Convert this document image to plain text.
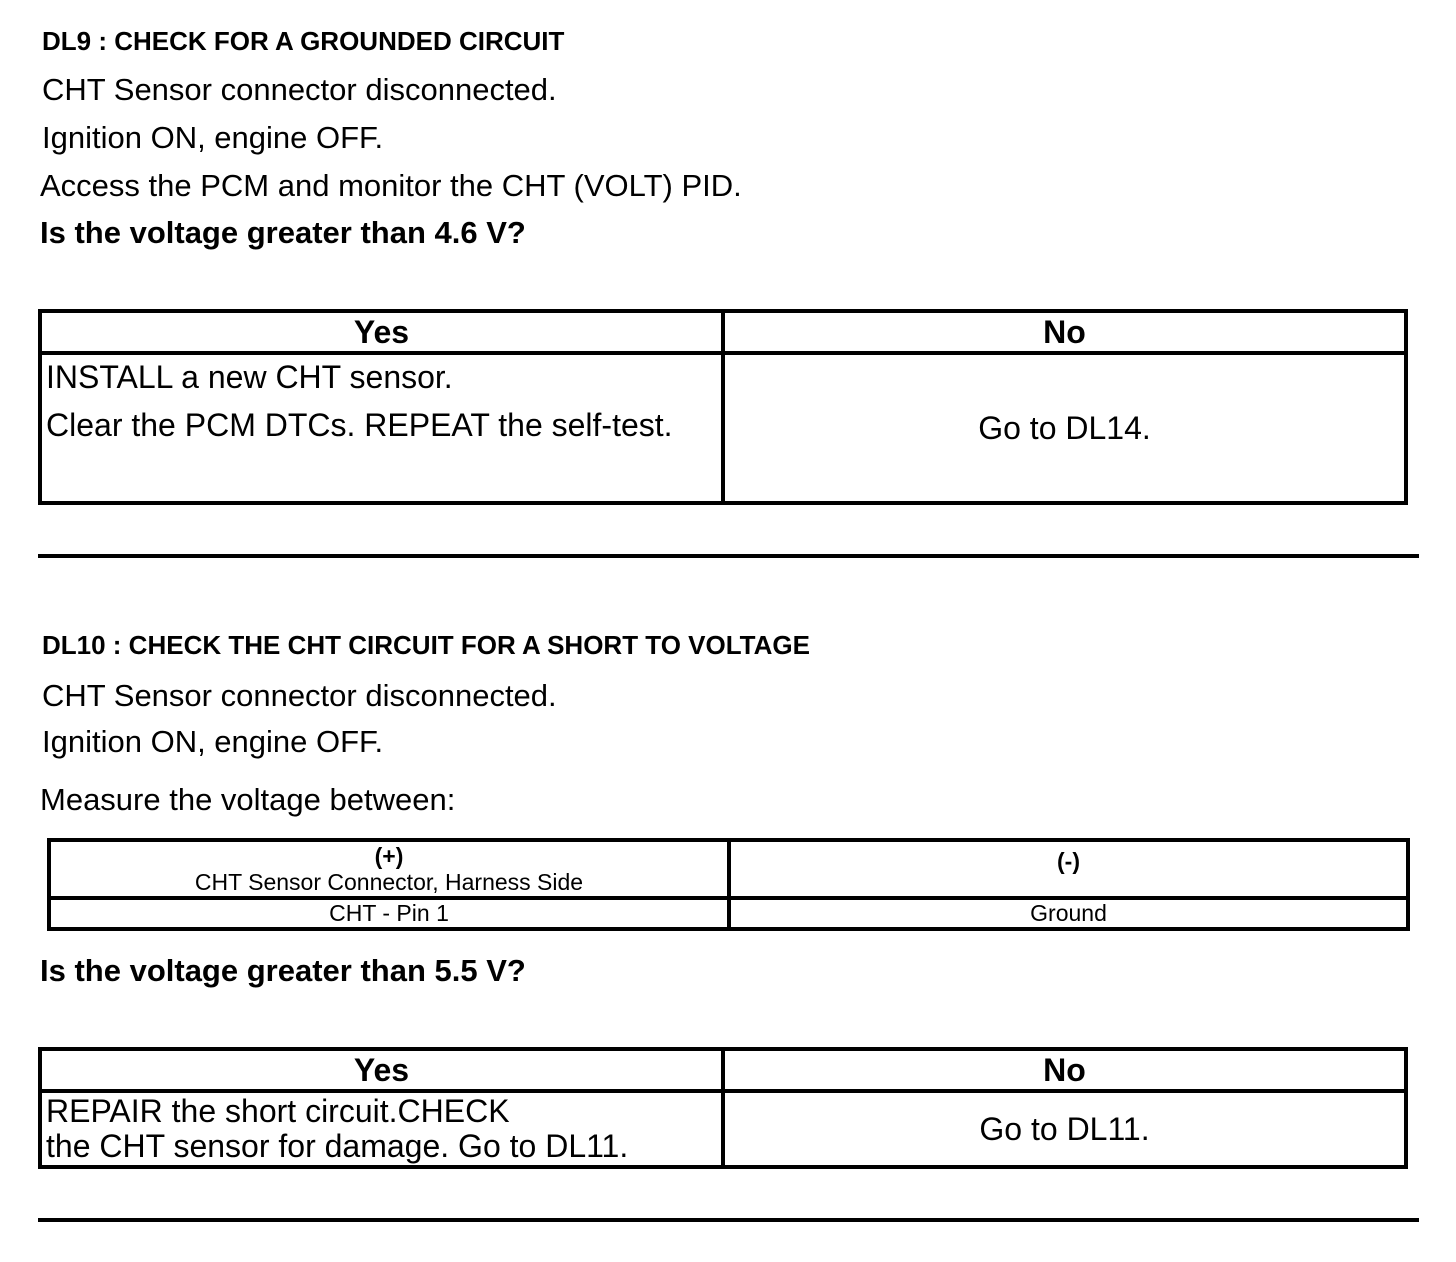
DL9 : CHECK FOR A GROUNDED CIRCUIT
CHT Sensor connector disconnected.
Ignition ON, engine OFF.
Access the PCM and monitor the CHT (VOLT) PID.
Is the voltage greater than 4.6 V?
Yes	No

INSTALL a new CHT sensor.
Clear the PCM DTCs. REPEAT the self-test.	Go to DL14.
DL10 : CHECK THE CHT CIRCUIT FOR A SHORT TO VOLTAGE
CHT Sensor connector disconnected.
Ignition ON, engine OFF.
Measure the voltage between:
(+)
CHT Sensor Connector, Harness Side	(-)
CHT - Pin 1	Ground
Is the voltage greater than 5.5 V?
Yes	No

REPAIR the short circuit.CHECK
the CHT sensor for damage. Go to DL11.	Go to DL11.
